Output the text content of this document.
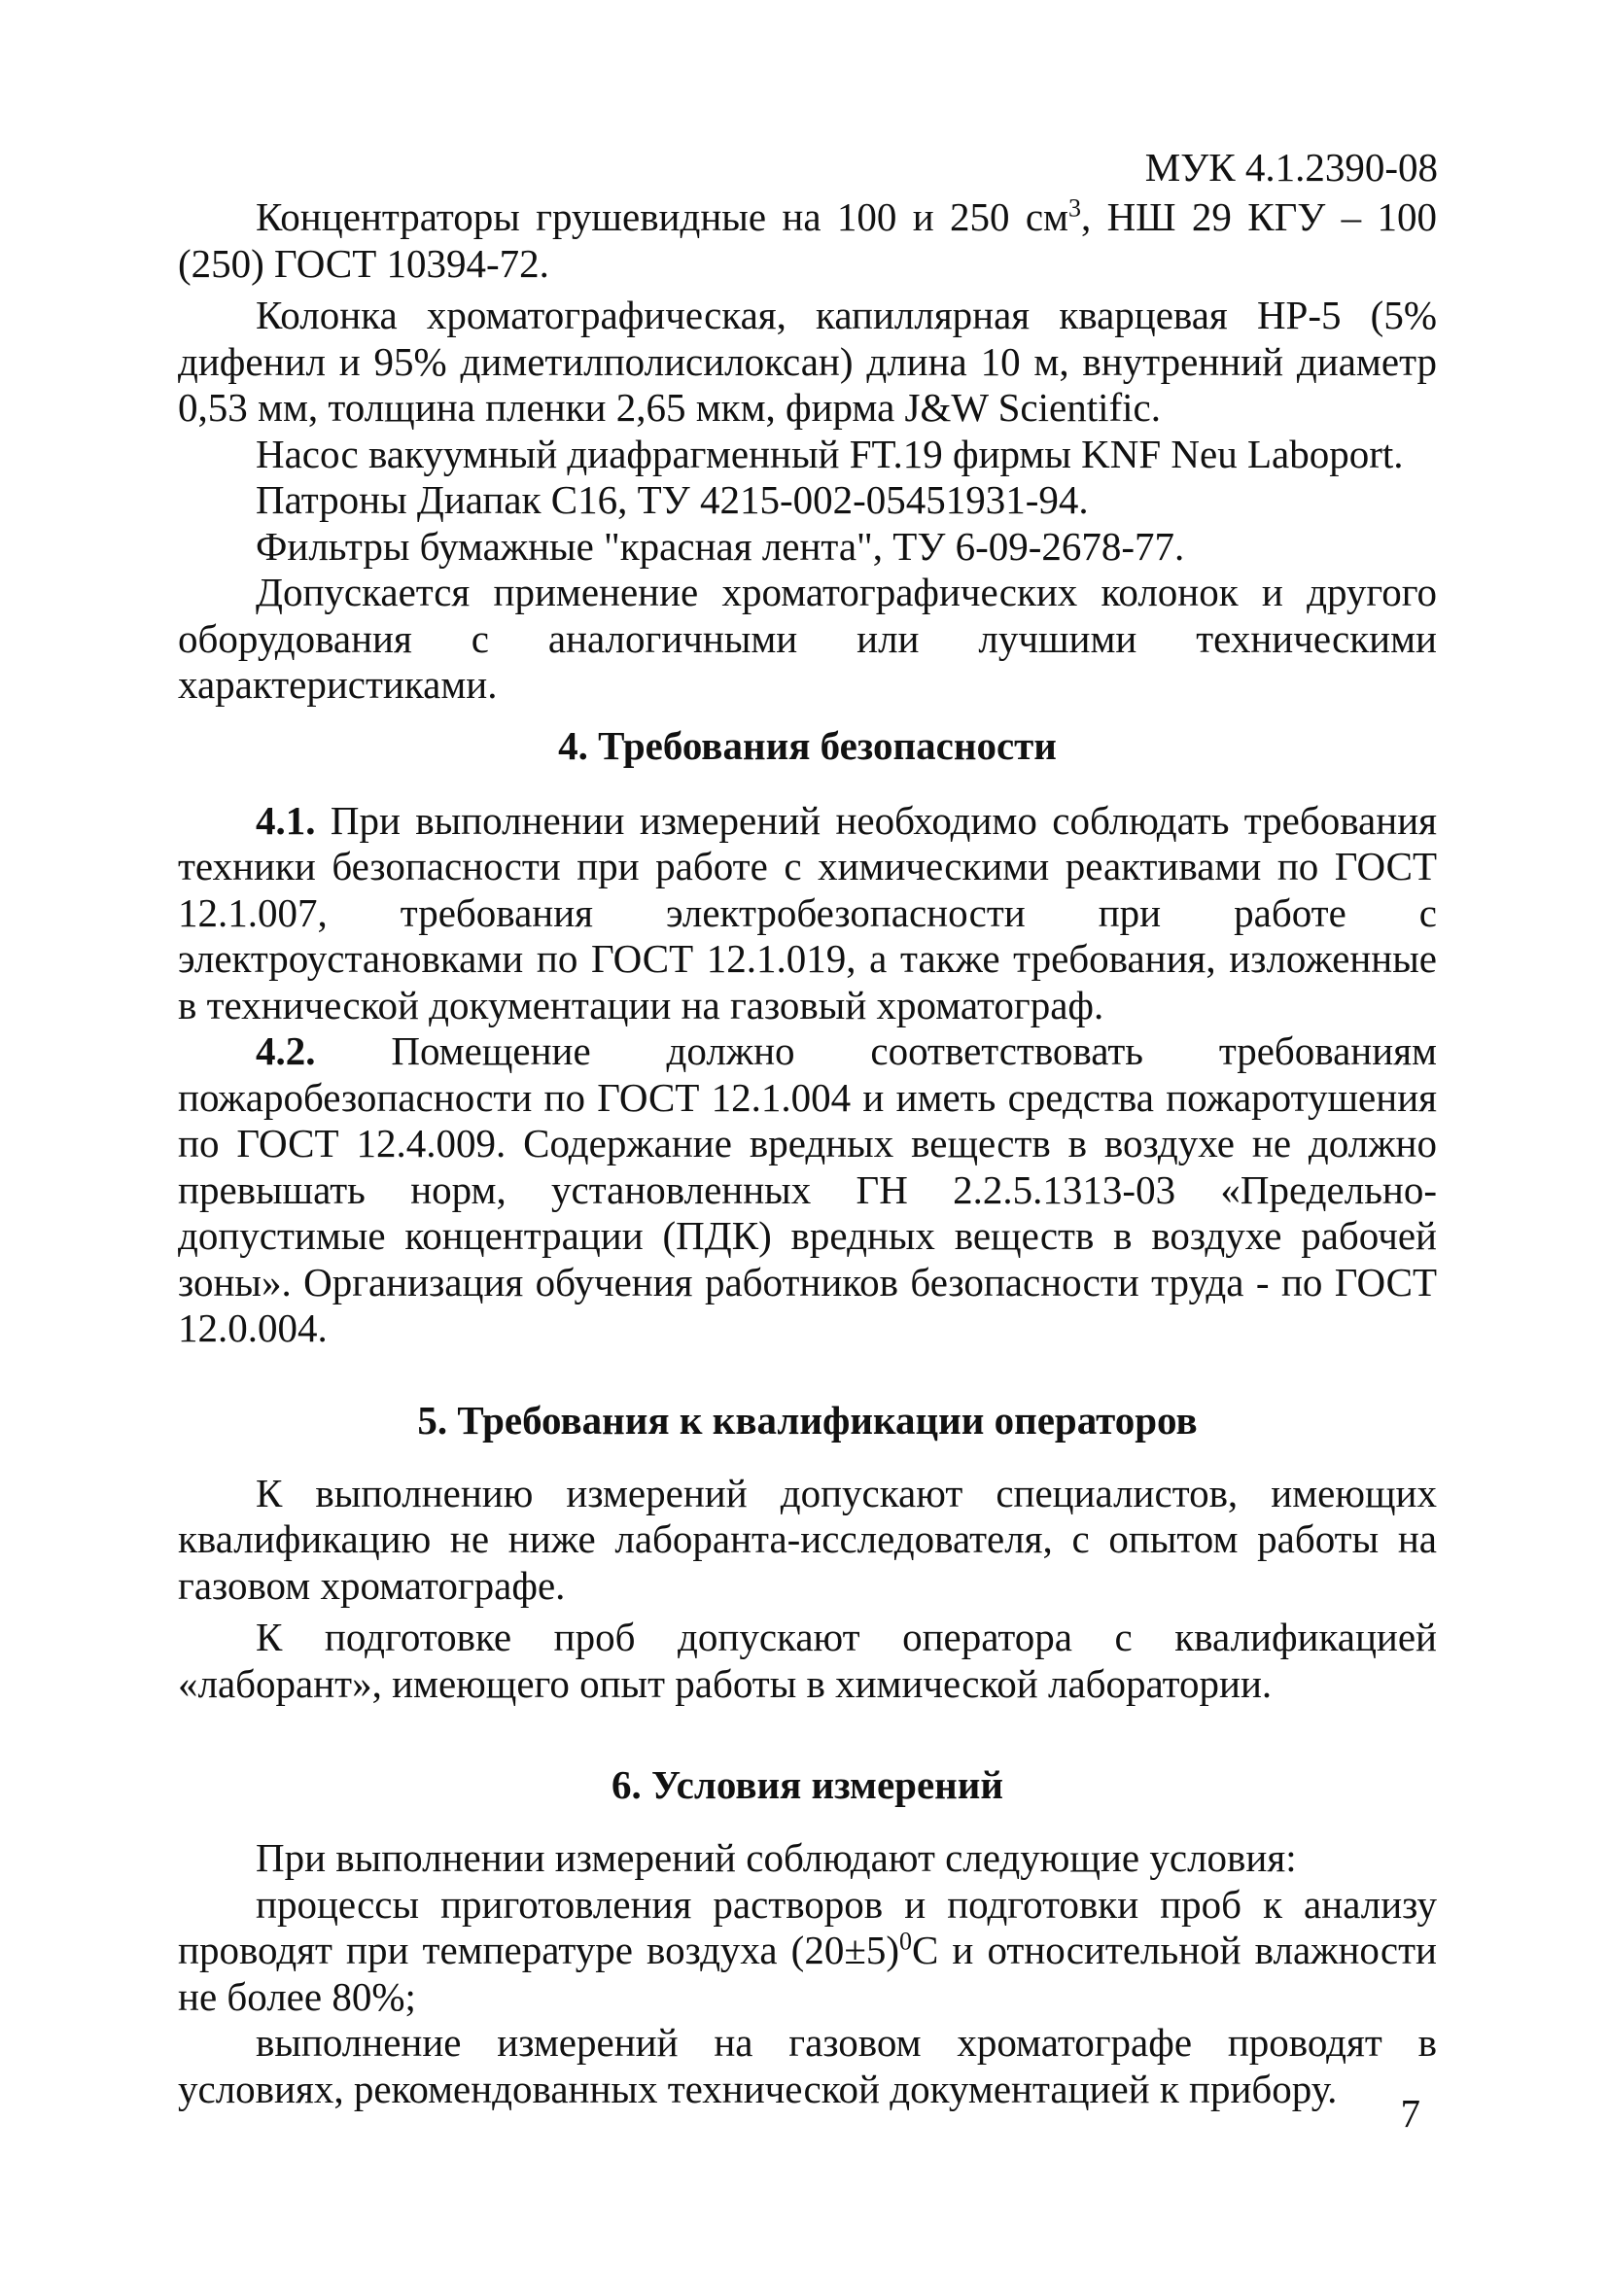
МУК 4.1.2390-08

Концентраторы грушевидные на 100 и 250 $см^3$, НШ 29 КГУ – 100 (250) ГОСТ 10394-72.

Колонка хроматографическая, капиллярная кварцевая HP-5 (5% дифенил и 95% диметилполисилоксан) длина 10 м, внутренний диаметр 0,53 мм, толщина пленки 2,65 мкм, фирма J&W Scientific.

Насос вакуумный диафрагменный FT.19 фирмы KNF Neu Laboport.

Патроны Диапак С16, ТУ 4215-002-05451931-94.

Фильтры бумажные "красная лента", ТУ 6-09-2678-77.

Допускается применение хроматографических колонок и другого оборудования с аналогичными или лучшими техническими характеристиками.

4. Требования безопасности

4.1. При выполнении измерений необходимо соблюдать требования техники безопасности при работе с химическими реактивами по ГОСТ 12.1.007, требования электробезопасности при работе с электроустановками по ГОСТ 12.1.019, а также требования, изложенные в технической документации на газовый хроматограф.

4.2. Помещение должно соответствовать требованиям пожаробезопасности по ГОСТ 12.1.004 и иметь средства пожаротушения по ГОСТ 12.4.009. Содержание вредных веществ в воздухе не должно превышать норм, установленных ГН 2.2.5.1313-03 «Предельно-допустимые концентрации (ПДК) вредных веществ в воздухе рабочей зоны». Организация обучения работников безопасности труда - по ГОСТ 12.0.004.

5. Требования к квалификации операторов

К выполнению измерений допускают специалистов, имеющих квалификацию не ниже лаборанта-исследователя, с опытом работы на газовом хроматографе.

К подготовке проб допускают оператора с квалификацией «лаборант», имеющего опыт работы в химической лаборатории.

6. Условия измерений

При выполнении измерений соблюдают следующие условия:

процессы приготовления растворов и подготовки проб к анализу проводят при температуре воздуха $(20\pm 5)^0С$ и относительной влажности не более 80%;

выполнение измерений на газовом хроматографе проводят в условиях, рекомендованных технической документацией к прибору.

7
